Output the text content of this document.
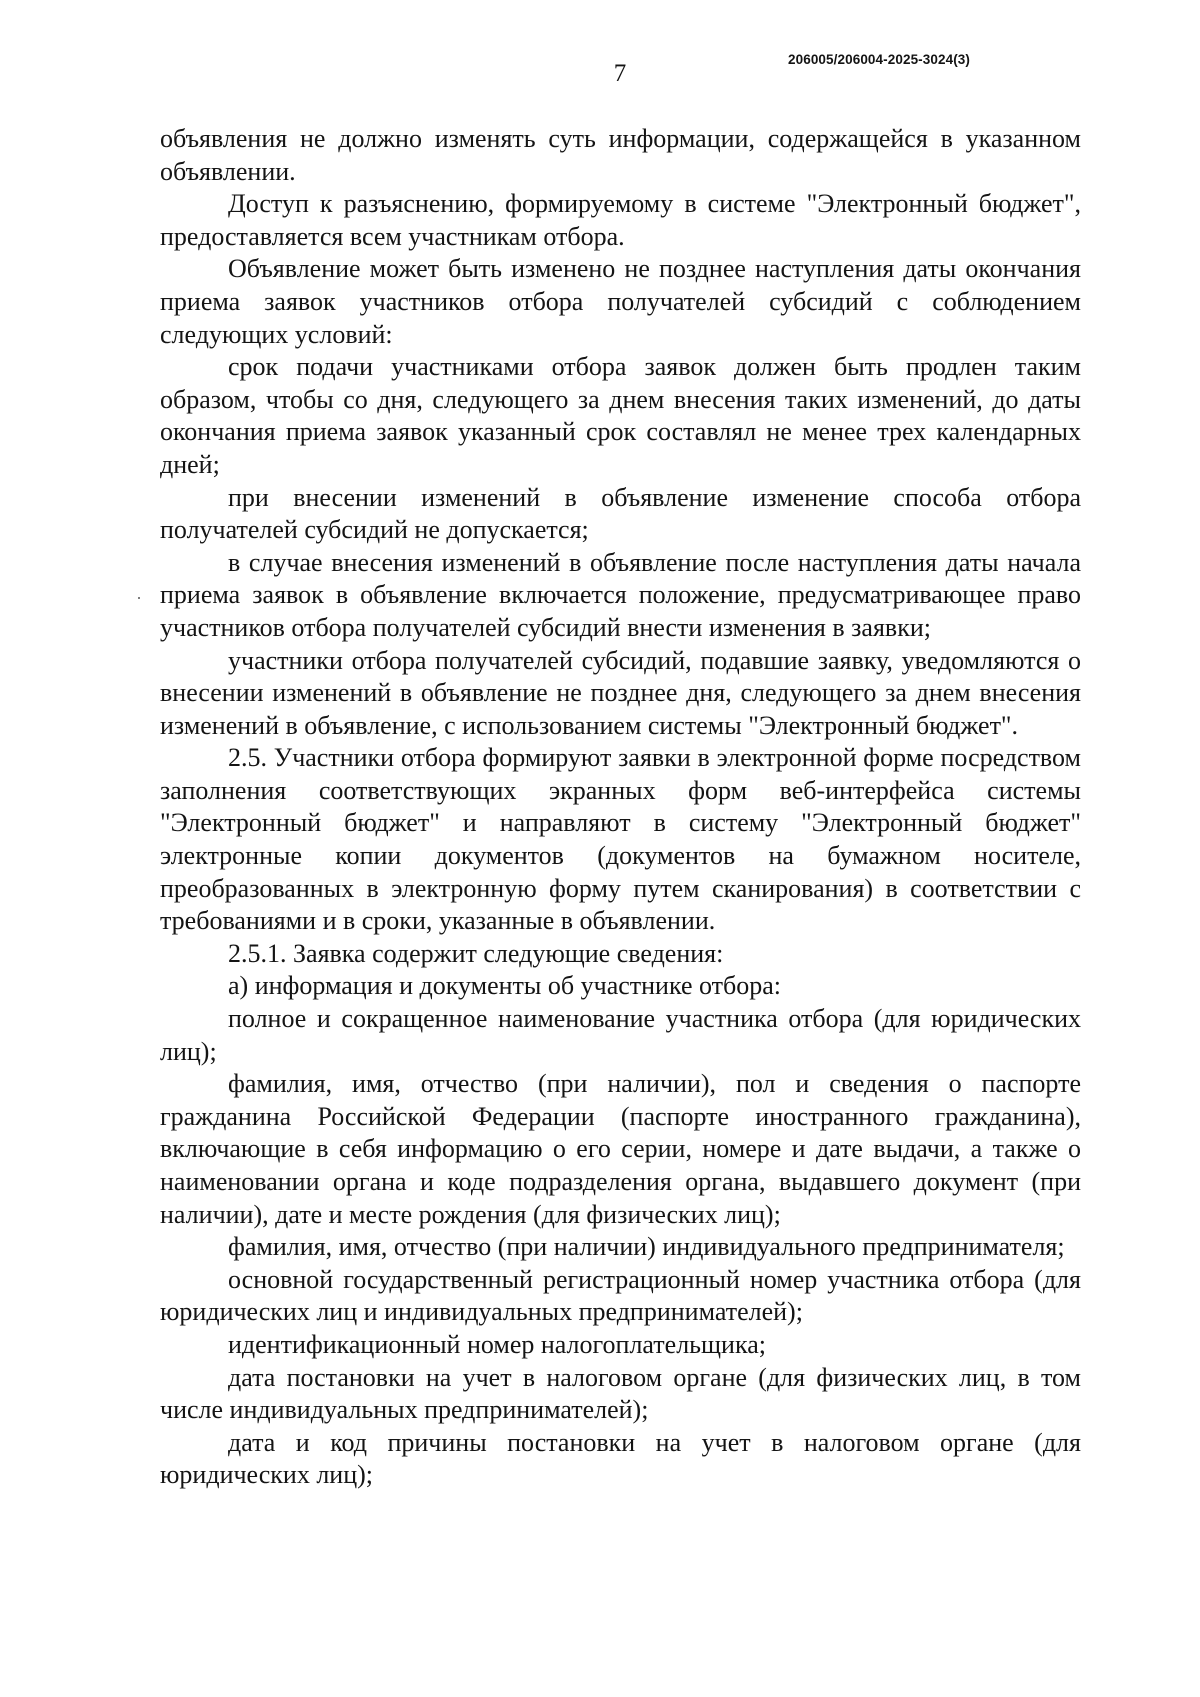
7
206005/206004-2025-3024(3)

объявления не должно изменять суть информации, содержащейся в указанном объявлении.

Доступ к разъяснению, формируемому в системе "Электронный бюджет", предоставляется всем участникам отбора.

Объявление может быть изменено не позднее наступления даты окончания приема заявок участников отбора получателей субсидий с соблюдением следующих условий:

срок подачи участниками отбора заявок должен быть продлен таким образом, чтобы со дня, следующего за днем внесения таких изменений, до даты окончания приема заявок указанный срок составлял не менее трех календарных дней;

при внесении изменений в объявление изменение способа отбора получателей субсидий не допускается;

в случае внесения изменений в объявление после наступления даты начала приема заявок в объявление включается положение, предусматривающее право участников отбора получателей субсидий внести изменения в заявки;

участники отбора получателей субсидий, подавшие заявку, уведомляются о внесении изменений в объявление не позднее дня, следующего за днем внесения изменений в объявление, с использованием системы "Электронный бюджет".

2.5. Участники отбора формируют заявки в электронной форме посредством заполнения соответствующих экранных форм веб-интерфейса системы "Электронный бюджет" и направляют в систему "Электронный бюджет" электронные копии документов (документов на бумажном носителе, преобразованных в электронную форму путем сканирования) в соответствии с требованиями и в сроки, указанные в объявлении.

2.5.1. Заявка содержит следующие сведения:

а) информация и документы об участнике отбора:

полное и сокращенное наименование участника отбора (для юридических лиц);

фамилия, имя, отчество (при наличии), пол и сведения о паспорте гражданина Российской Федерации (паспорте иностранного гражданина), включающие в себя информацию о его серии, номере и дате выдачи, а также о наименовании органа и коде подразделения органа, выдавшего документ (при наличии), дате и месте рождения (для физических лиц);

фамилия, имя, отчество (при наличии) индивидуального предпринимателя;

основной государственный регистрационный номер участника отбора (для юридических лиц и индивидуальных предпринимателей);

идентификационный номер налогоплательщика;

дата постановки на учет в налоговом органе (для физических лиц, в том числе индивидуальных предпринимателей);

дата и код причины постановки на учет в налоговом органе (для юридических лиц);
